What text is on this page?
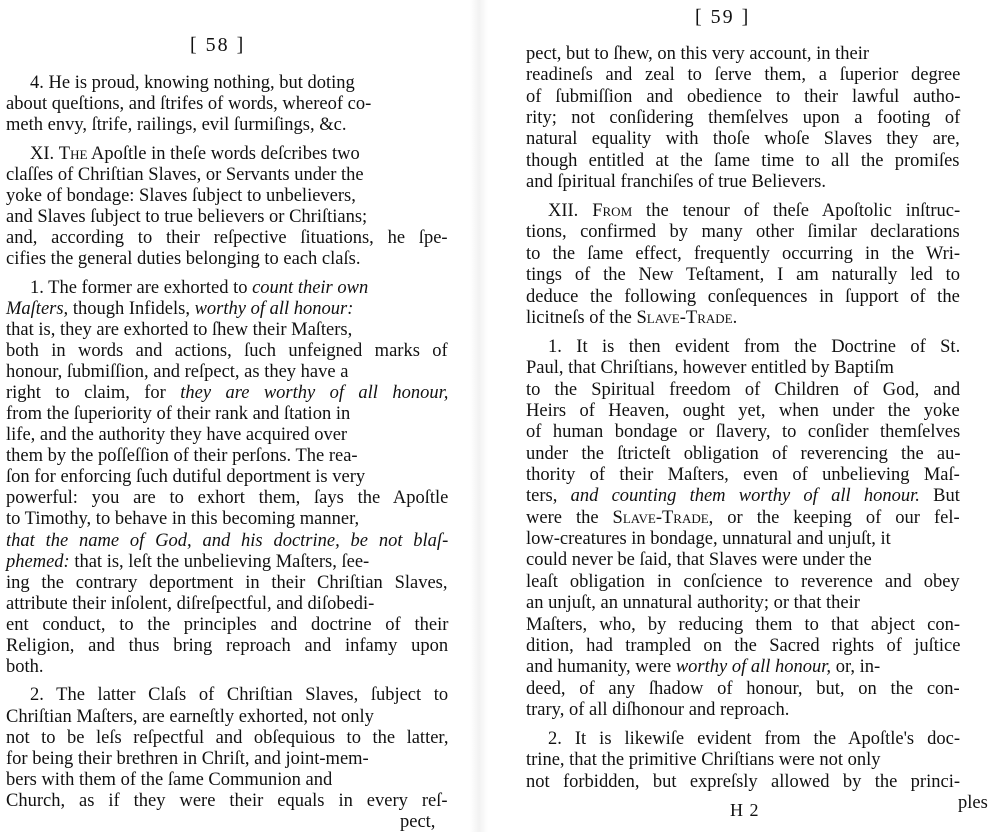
[ 58 ]
4. He is proud, knowing nothing, but doting
about queſtions, and ſtrifes of words, whereof co-
meth envy, ſtrife, railings, evil ſurmiſings, &c.
XI. The Apoſtle in theſe words deſcribes two
claſſes of Chriſtian Slaves, or Servants under the
yoke of bondage: Slaves ſubject to unbelievers,
and Slaves ſubject to true believers or Chriſtians;
and, according to their reſpective ſituations, he ſpe-
cifies the general duties belonging to each claſs.
1. The former are exhorted to count their own
Maſters, though Infidels, worthy of all honour:
that is, they are exhorted to ſhew their Maſters,
both in words and actions, ſuch unfeigned marks of
honour, ſubmiſſion, and reſpect, as they have a
right to claim, for they are worthy of all honour,
from the ſuperiority of their rank and ſtation in
life, and the authority they have acquired over
them by the poſſeſſion of their perſons. The rea-
ſon for enforcing ſuch dutiful deportment is very
powerful: you are to exhort them, ſays the Apoſtle
to Timothy, to behave in this becoming manner,
that the name of God, and his doctrine, be not blaſ-
phemed: that is, leſt the unbelieving Maſters, ſee-
ing the contrary deportment in their Chriſtian Slaves,
attribute their inſolent, diſreſpectful, and diſobedi-
ent conduct, to the principles and doctrine of their
Religion, and thus bring reproach and infamy upon
both.
2. The latter Claſs of Chriſtian Slaves, ſubject to
Chriſtian Maſters, are earneſtly exhorted, not only
not to be leſs reſpectful and obſequious to the latter,
for being their brethren in Chriſt, and joint-mem-
bers with them of the ſame Communion and
Church, as if they were their equals in every reſ-
pect,
[ 59 ]
pect, but to ſhew, on this very account, in their
readineſs and zeal to ſerve them, a ſuperior degree
of ſubmiſſion and obedience to their lawful autho-
rity; not conſidering themſelves upon a footing of
natural equality with thoſe whoſe Slaves they are,
though entitled at the ſame time to all the promiſes
and ſpiritual franchiſes of true Believers.
XII. From the tenour of theſe Apoſtolic inſtruc-
tions, confirmed by many other ſimilar declarations
to the ſame effect, frequently occurring in the Wri-
tings of the New Teſtament, I am naturally led to
deduce the following conſequences in ſupport of the
licitneſs of the Slave-Trade.
1. It is then evident from the Doctrine of St.
Paul, that Chriſtians, however entitled by Baptiſm
to the Spiritual freedom of Children of God, and
Heirs of Heaven, ought yet, when under the yoke
of human bondage or ſlavery, to conſider themſelves
under the ſtricteſt obligation of reverencing the au-
thority of their Maſters, even of unbelieving Maſ-
ters, and counting them worthy of all honour. But
were the Slave-Trade, or the keeping of our fel-
low-creatures in bondage, unnatural and unjuſt, it
could never be ſaid, that Slaves were under the
leaſt obligation in conſcience to reverence and obey
an unjuſt, an unnatural authority; or that their
Maſters, who, by reducing them to that abject con-
dition, had trampled on the Sacred rights of juſtice
and humanity, were worthy of all honour, or, in-
deed, of any ſhadow of honour, but, on the con-
trary, of all diſhonour and reproach.
2. It is likewiſe evident from the Apoſtle's doc-
trine, that the primitive Chriſtians were not only
not forbidden, but expreſsly allowed by the princi-
ples
H 2
